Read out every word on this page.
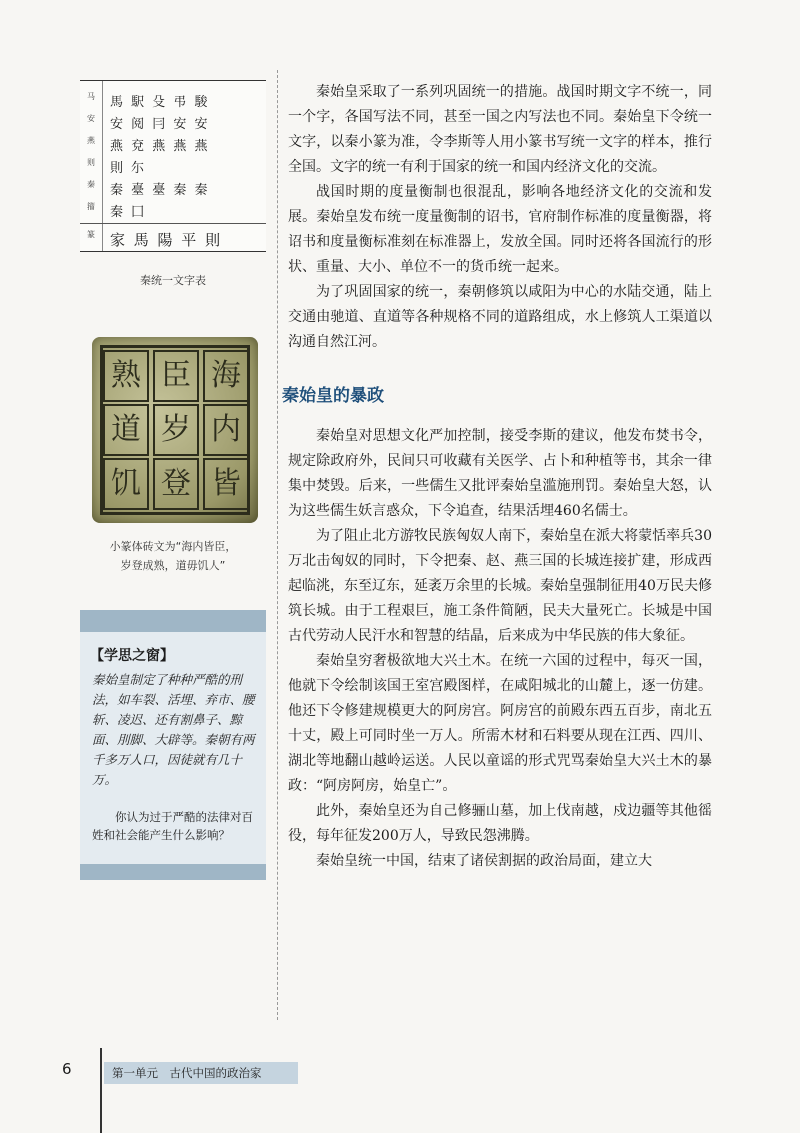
马	馬 駅 殳 弔 駿
安	安 阅 冃 安 安
燕	燕 兗 燕 燕 燕
则	則 尓
秦	秦 臺 臺 秦 秦
籀	秦 囗
篆	家 馬 陽 平 則
秦统一文字表
海
臣
熟
内
岁
道
皆
登
饥
小篆体砖文为“海内皆臣，
岁登成熟，道毋饥人”
【学思之窗】
秦始皇制定了种种严酷的刑法，如车裂、活埋、弃市、腰斩、凌迟、还有割鼻子、黥面、刖脚、大辟等。秦朝有两千多万人口，因徒就有几十万。
你认为过于严酷的法律对百姓和社会能产生什么影响？

秦始皇采取了一系列巩固统一的措施。战国时期文字不统一，同一个字，各国写法不同，甚至一国之内写法也不同。秦始皇下令统一文字，以秦小篆为准，令李斯等人用小篆书写统一文字的样本，推行全国。文字的统一有利于国家的统一和国内经济文化的交流。

战国时期的度量衡制也很混乱，影响各地经济文化的交流和发展。秦始皇发布统一度量衡制的诏书，官府制作标准的度量衡器，将诏书和度量衡标准刻在标准器上，发放全国。同时还将各国流行的形状、重量、大小、单位不一的货币统一起来。

为了巩固国家的统一，秦朝修筑以咸阳为中心的水陆交通，陆上交通由驰道、直道等各种规格不同的道路组成，水上修筑人工渠道以沟通自然江河。

秦始皇的暴政

秦始皇对思想文化严加控制，接受李斯的建议，他发布焚书令，规定除政府外，民间只可收藏有关医学、占卜和种植等书，其余一律集中焚毁。后来，一些儒生又批评秦始皇滥施刑罚。秦始皇大怒，认为这些儒生妖言惑众，下令追查，结果活埋460名儒士。

为了阻止北方游牧民族匈奴人南下，秦始皇在派大将蒙恬率兵30万北击匈奴的同时，下令把秦、赵、燕三国的长城连接扩建，形成西起临洮，东至辽东，延袤万余里的长城。秦始皇强制征用40万民夫修筑长城。由于工程艰巨，施工条件简陋，民夫大量死亡。长城是中国古代劳动人民汗水和智慧的结晶，后来成为中华民族的伟大象征。

秦始皇穷奢极欲地大兴土木。在统一六国的过程中，每灭一国，他就下令绘制该国王室宫殿图样，在咸阳城北的山麓上，逐一仿建。他还下令修建规模更大的阿房宫。阿房宫的前殿东西五百步，南北五十丈，殿上可同时坐一万人。所需木材和石料要从现在江西、四川、湖北等地翻山越岭运送。人民以童谣的形式咒骂秦始皇大兴土木的暴政：“阿房阿房，始皇亡”。

此外，秦始皇还为自己修骊山墓，加上伐南越，戍边疆等其他徭役，每年征发200万人，导致民怨沸腾。

秦始皇统一中国，结束了诸侯割据的政治局面，建立大

6	第一单元　古代中国的政治家
